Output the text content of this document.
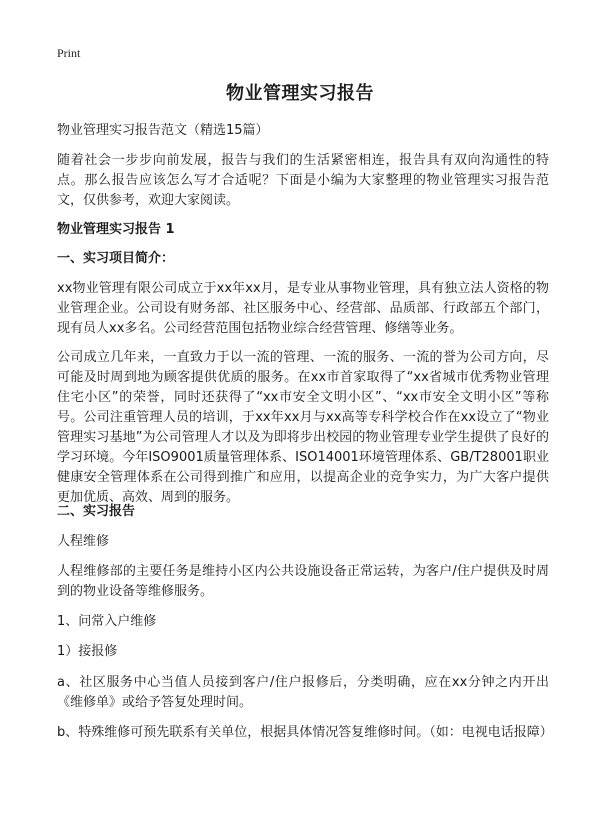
Print
物业管理实习报告
物业管理实习报告范文（精选15篇）
随着社会一步步向前发展，报告与我们的生活紧密相连，报告具有双向沟通性的特点。那么报告应该怎么写才合适呢？下面是小编为大家整理的物业管理实习报告范文，仅供参考，欢迎大家阅读。
物业管理实习报告 1
一、实习项目简介：
xx物业管理有限公司成立于xx年xx月，是专业从事物业管理，具有独立法人资格的物业管理企业。公司设有财务部、社区服务中心、经营部、品质部、行政部五个部门，现有员人xx多名。公司经营范围包括物业综合经营管理、修缮等业务。
公司成立几年来，一直致力于以一流的管理、一流的服务、一流的誉为公司方向，尽可能及时周到地为顾客提供优质的服务。在xx市首家取得了“xx省城市优秀物业管理住宅小区”的荣誉，同时还获得了“xx市安全文明小区”、“xx市安全文明小区”等称号。公司注重管理人员的培训，于xx年xx月与xx高等专科学校合作在xx设立了“物业管理实习基地”为公司管理人才以及为即将步出校园的物业管理专业学生提供了良好的学习环境。今年ISO9001质量管理体系、ISO14001环境管理体系、GB/T28001职业健康安全管理体系在公司得到推广和应用，以提高企业的竞争实力，为广大客户提供更加优质、高效、周到的服务。
二、实习报告
人程维修
人程维修部的主要任务是维持小区内公共设施设备正常运转，为客户/住户提供及时周到的物业设备等维修服务。
1、问常入户维修
1）接报修
a、社区服务中心当值人员接到客户/住户报修后，分类明确，应在xx分钟之内开出《维修单》或给予答复处理时间。
b、特殊维修可预先联系有关单位，根据具体情况答复维修时间。（如：电视电话报障）
